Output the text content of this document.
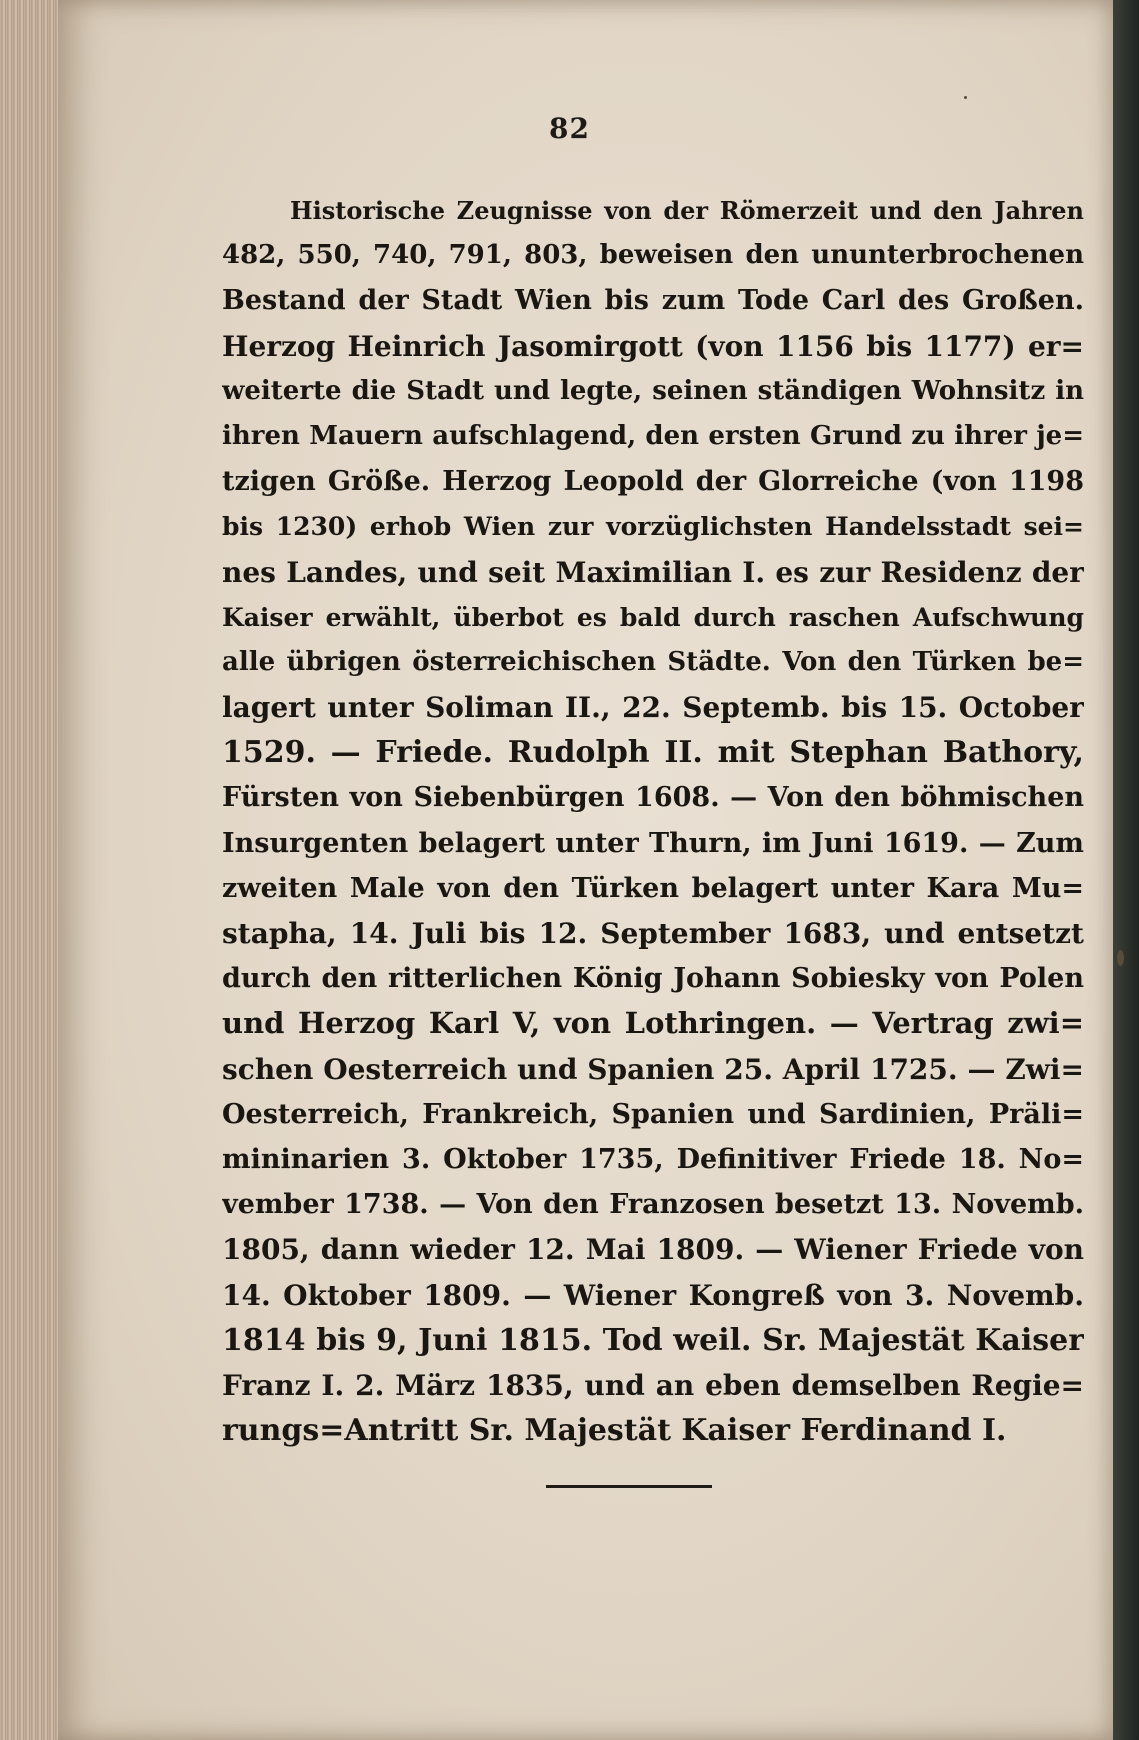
82
Historische Zeugnisse von der Römerzeit und den Jahren
482, 550, 740, 791, 803, beweisen den ununterbrochenen
Bestand der Stadt Wien bis zum Tode Carl des Großen.
Herzog Heinrich Jasomirgott (von 1156 bis 1177) er=
weiterte die Stadt und legte, seinen ständigen Wohnsitz in
ihren Mauern aufschlagend, den ersten Grund zu ihrer je=
tzigen Größe. Herzog Leopold der Glorreiche (von 1198
bis 1230) erhob Wien zur vorzüglichsten Handelsstadt sei=
nes Landes, und seit Maximilian I. es zur Residenz der
Kaiser erwählt, überbot es bald durch raschen Aufschwung
alle übrigen österreichischen Städte. Von den Türken be=
lagert unter Soliman II., 22. Septemb. bis 15. October
1529. — Friede. Rudolph II. mit Stephan Bathory,
Fürsten von Siebenbürgen 1608. — Von den böhmischen
Insurgenten belagert unter Thurn, im Juni 1619. — Zum
zweiten Male von den Türken belagert unter Kara Mu=
stapha, 14. Juli bis 12. September 1683, und entsetzt
durch den ritterlichen König Johann Sobiesky von Polen
und Herzog Karl V, von Lothringen. — Vertrag zwi=
schen Oesterreich und Spanien 25. April 1725. — Zwi=
Oesterreich, Frankreich, Spanien und Sardinien, Präli=
mininarien 3. Oktober 1735, Definitiver Friede 18. No=
vember 1738. — Von den Franzosen besetzt 13. Novemb.
1805, dann wieder 12. Mai 1809. — Wiener Friede von
14. Oktober 1809. — Wiener Kongreß von 3. Novemb.
1814 bis 9, Juni 1815. Tod weil. Sr. Majestät Kaiser
Franz I. 2. März 1835, und an eben demselben Regie=
rungs=Antritt Sr. Majestät Kaiser Ferdinand I.
